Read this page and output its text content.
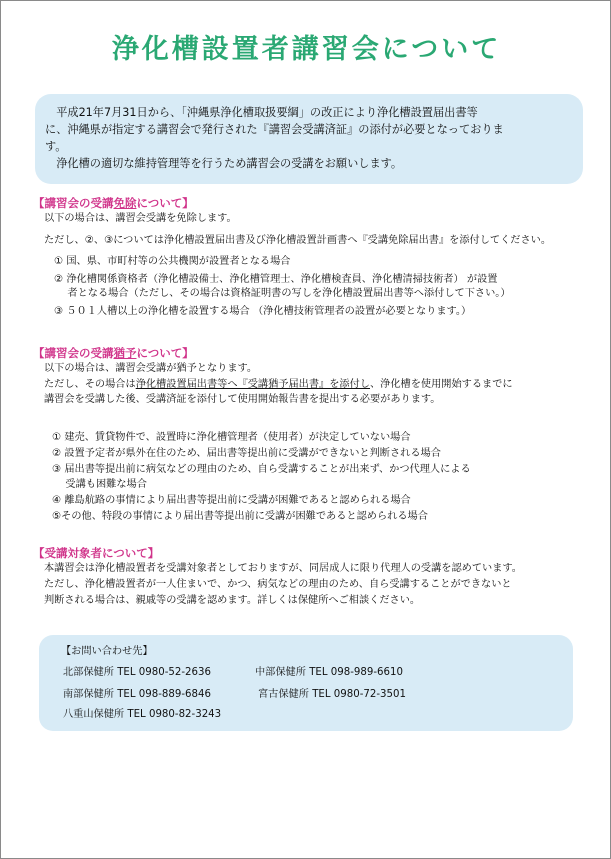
浄化槽設置者講習会について

　平成21年7月31日から、「沖縄県浄化槽取扱要綱」の改正により浄化槽設置届出書等

に、沖縄県が指定する講習会で発行された『講習会受講済証』の添付が必要となっておりま

す。

　浄化槽の適切な維持管理等を行うため講習会の受講をお願いします。

【講習会の受講免除について】
以下の場合は、講習会受講を免除します。
ただし、②、③については浄化槽設置届出書及び浄化槽設置計画書へ『受講免除届出書』を添付してください。
① 国、県、市町村等の公共機関が設置者となる場合
② 浄化槽関係資格者（浄化槽設備士、浄化槽管理士、浄化槽検査員、浄化槽清掃技術者） が設置
　 者となる場合（ただし、その場合は資格証明書の写しを浄化槽設置届出書等へ添付して下さい。）
③ ５０１人槽以上の浄化槽を設置する場合 （浄化槽技術管理者の設置が必要となります。）
【講習会の受講猶予について】
以下の場合は、講習会受講が猶予となります。
ただし、その場合は浄化槽設置届出書等へ『受講猶予届出書』を添付し、浄化槽を使用開始するまでに
講習会を受講した後、受講済証を添付して使用開始報告書を提出する必要があります。
① 建売、賃貸物件で、設置時に浄化槽管理者（使用者）が決定していない場合
② 設置予定者が県外在住のため、届出書等提出前に受講ができないと判断される場合
③ 届出書等提出前に病気などの理由のため、自ら受講することが出来ず、かつ代理人による
　 受講も困難な場合
④ 離島航路の事情により届出書等提出前に受講が困難であると認められる場合
⑤その他、特段の事情により届出書等提出前に受講が困難であると認められる場合
【受講対象者について】
本講習会は浄化槽設置者を受講対象者としておりますが、同居成人に限り代理人の受講を認めています。
ただし、浄化槽設置者が一人住まいで、かつ、病気などの理由のため、自ら受講することができないと
判断される場合は、親戚等の受講を認めます。詳しくは保健所へご相談ください。
【お問い合わせ先】
北部保健所 TEL 0980-52-2636	中部保健所 TEL 098-989-6610
南部保健所 TEL 098-889-6846	宮古保健所 TEL 0980-72-3501
八重山保健所 TEL 0980-82-3243
